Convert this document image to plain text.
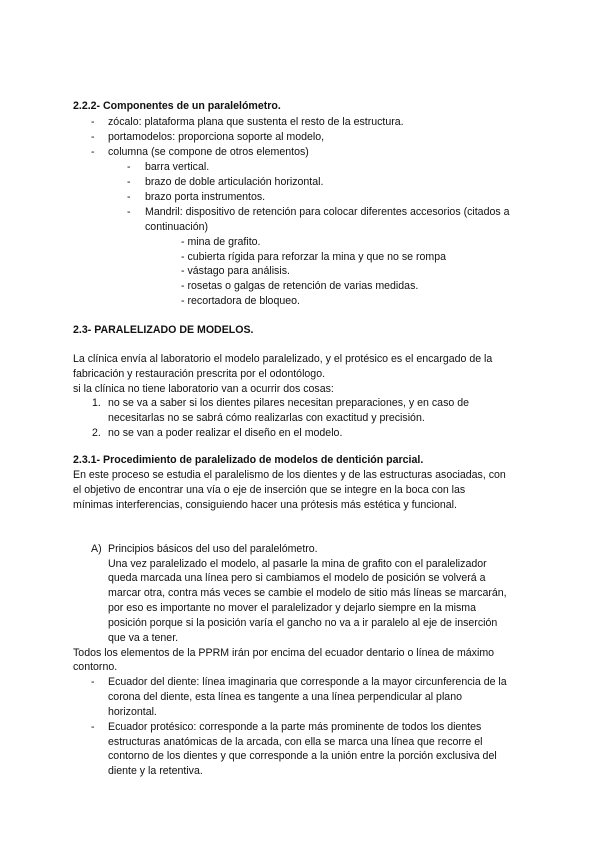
2.2.2- Componentes de un paralelómetro.
- zócalo: plataforma plana que sustenta el resto de la estructura.
- portamodelos: proporciona soporte al modelo,
- columna (se compone de otros elementos)
- barra vertical.
- brazo de doble articulación horizontal.
- brazo porta instrumentos.
- Mandril: dispositivo de retención para colocar diferentes accesorios (citados a
continuación)
- mina de grafito.
- cubierta rígida para reforzar la mina y que no se rompa
- vástago para análisis.
- rosetas o galgas de retención de varias medidas.
- recortadora de bloqueo.
2.3- PARALELIZADO DE MODELOS.
La clínica envía al laboratorio el modelo paralelizado, y el protésico es el encargado de la
fabricación y restauración prescrita por el odontólogo.
si la clínica no tiene laboratorio van a ocurrir dos cosas:
1. no se va a saber si los dientes pilares necesitan preparaciones, y en caso de
necesitarlas no se sabrá cómo realizarlas con exactitud y precisión.
2. no se van a poder realizar el diseño en el modelo.
2.3.1- Procedimiento de paralelizado de modelos de dentición parcial.
En este proceso se estudia el paralelismo de los dientes y de las estructuras asociadas, con
el objetivo de encontrar una vía o eje de inserción que se integre en la boca con las
mínimas interferencias, consiguiendo hacer una prótesis más estética y funcional.
A) Principios básicos del uso del paralelómetro.
Una vez paralelizado el modelo, al pasarle la mina de grafito con el paralelizador
queda marcada una línea pero si cambiamos el modelo de posición se volverá a
marcar otra, contra más veces se cambie el modelo de sitio más líneas se marcarán,
por eso es importante no mover el paralelizador y dejarlo siempre en la misma
posición porque si la posición varía el gancho no va a ir paralelo al eje de inserción
que va a tener.
Todos los elementos de la PPRM irán por encima del ecuador dentario o línea de máximo
contorno.
- Ecuador del diente: línea imaginaria que corresponde a la mayor circunferencia de la
corona del diente, esta línea es tangente a una línea perpendicular al plano
horizontal.
- Ecuador protésico: corresponde a la parte más prominente de todos los dientes
estructuras anatómicas de la arcada, con ella se marca una línea que recorre el
contorno de los dientes y que corresponde a la unión entre la porción exclusiva del
diente y la retentiva.
